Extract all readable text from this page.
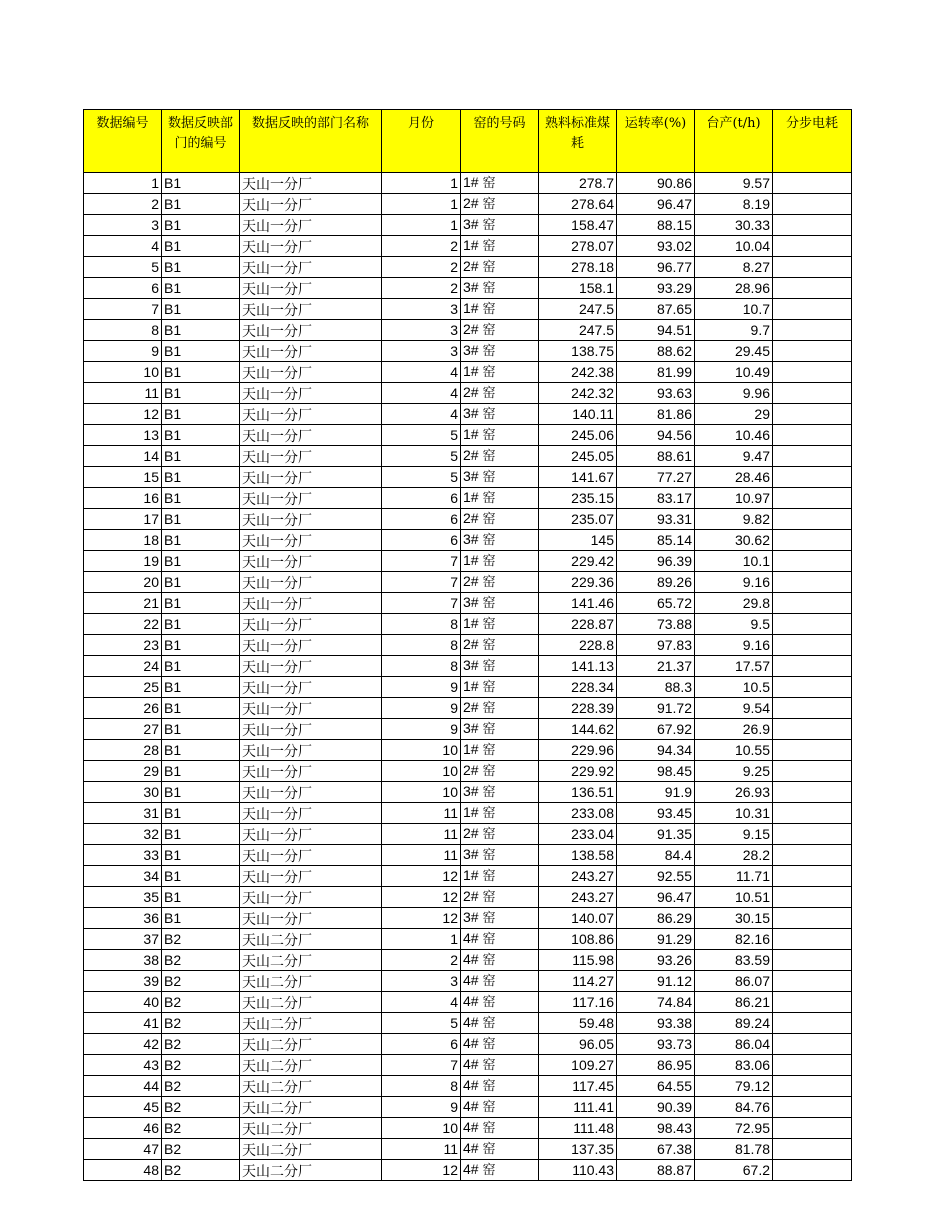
数据编号	数据反映部门的编号	数据反映的部门名称	月份	窑的号码	熟料标准煤耗	运转率(%)	台产(t/h)	分步电耗
1	B1	天山一分厂	1	1# 窑	278.7	90.86	9.57	
2	B1	天山一分厂	1	2# 窑	278.64	96.47	8.19	
3	B1	天山一分厂	1	3# 窑	158.47	88.15	30.33	
4	B1	天山一分厂	2	1# 窑	278.07	93.02	10.04	
5	B1	天山一分厂	2	2# 窑	278.18	96.77	8.27	
6	B1	天山一分厂	2	3# 窑	158.1	93.29	28.96	
7	B1	天山一分厂	3	1# 窑	247.5	87.65	10.7	
8	B1	天山一分厂	3	2# 窑	247.5	94.51	9.7	
9	B1	天山一分厂	3	3# 窑	138.75	88.62	29.45	
10	B1	天山一分厂	4	1# 窑	242.38	81.99	10.49	
11	B1	天山一分厂	4	2# 窑	242.32	93.63	9.96	
12	B1	天山一分厂	4	3# 窑	140.11	81.86	29	
13	B1	天山一分厂	5	1# 窑	245.06	94.56	10.46	
14	B1	天山一分厂	5	2# 窑	245.05	88.61	9.47	
15	B1	天山一分厂	5	3# 窑	141.67	77.27	28.46	
16	B1	天山一分厂	6	1# 窑	235.15	83.17	10.97	
17	B1	天山一分厂	6	2# 窑	235.07	93.31	9.82	
18	B1	天山一分厂	6	3# 窑	145	85.14	30.62	
19	B1	天山一分厂	7	1# 窑	229.42	96.39	10.1	
20	B1	天山一分厂	7	2# 窑	229.36	89.26	9.16	
21	B1	天山一分厂	7	3# 窑	141.46	65.72	29.8	
22	B1	天山一分厂	8	1# 窑	228.87	73.88	9.5	
23	B1	天山一分厂	8	2# 窑	228.8	97.83	9.16	
24	B1	天山一分厂	8	3# 窑	141.13	21.37	17.57	
25	B1	天山一分厂	9	1# 窑	228.34	88.3	10.5	
26	B1	天山一分厂	9	2# 窑	228.39	91.72	9.54	
27	B1	天山一分厂	9	3# 窑	144.62	67.92	26.9	
28	B1	天山一分厂	10	1# 窑	229.96	94.34	10.55	
29	B1	天山一分厂	10	2# 窑	229.92	98.45	9.25	
30	B1	天山一分厂	10	3# 窑	136.51	91.9	26.93	
31	B1	天山一分厂	11	1# 窑	233.08	93.45	10.31	
32	B1	天山一分厂	11	2# 窑	233.04	91.35	9.15	
33	B1	天山一分厂	11	3# 窑	138.58	84.4	28.2	
34	B1	天山一分厂	12	1# 窑	243.27	92.55	11.71	
35	B1	天山一分厂	12	2# 窑	243.27	96.47	10.51	
36	B1	天山一分厂	12	3# 窑	140.07	86.29	30.15	
37	B2	天山二分厂	1	4# 窑	108.86	91.29	82.16	
38	B2	天山二分厂	2	4# 窑	115.98	93.26	83.59	
39	B2	天山二分厂	3	4# 窑	114.27	91.12	86.07	
40	B2	天山二分厂	4	4# 窑	117.16	74.84	86.21	
41	B2	天山二分厂	5	4# 窑	59.48	93.38	89.24	
42	B2	天山二分厂	6	4# 窑	96.05	93.73	86.04	
43	B2	天山二分厂	7	4# 窑	109.27	86.95	83.06	
44	B2	天山二分厂	8	4# 窑	117.45	64.55	79.12	
45	B2	天山二分厂	9	4# 窑	111.41	90.39	84.76	
46	B2	天山二分厂	10	4# 窑	111.48	98.43	72.95	
47	B2	天山二分厂	11	4# 窑	137.35	67.38	81.78	
48	B2	天山二分厂	12	4# 窑	110.43	88.87	67.2	
